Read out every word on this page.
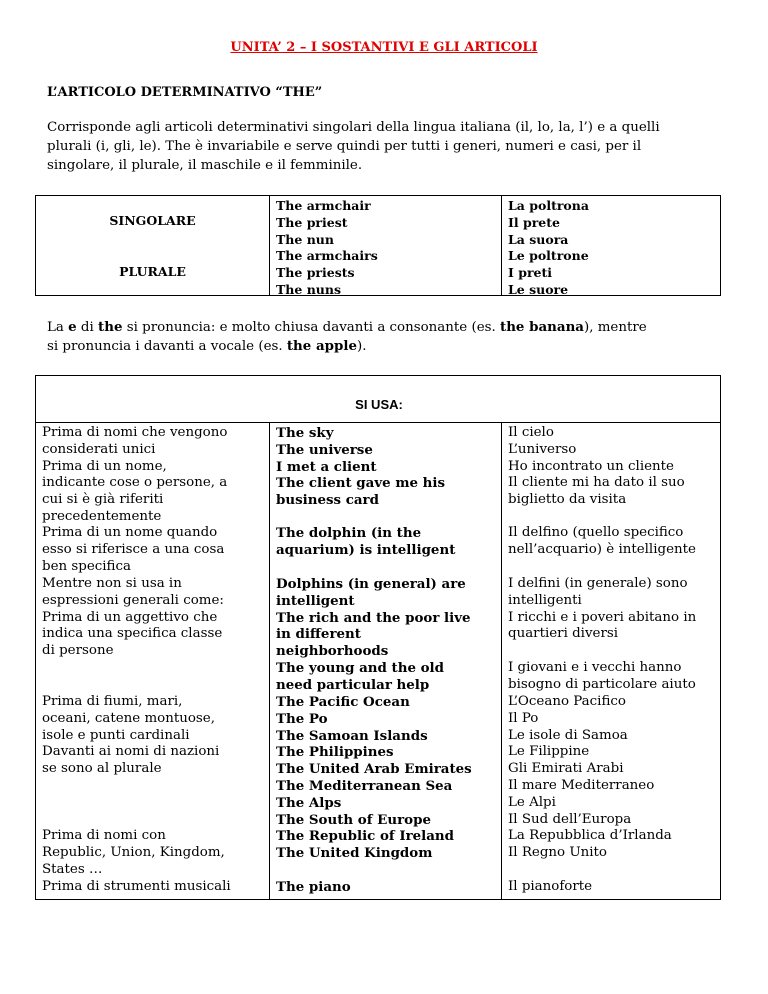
UNITA’ 2 – I SOSTANTIVI E GLI ARTICOLI
L’ARTICOLO DETERMINATIVO “THE”
Corrisponde agli articoli determinativi singolari della lingua italiana (il, lo, la, l’) e a quelli
plurali (i, gli, le). The è invariabile e serve quindi per tutti i generi, numeri e casi, per il
singolare, il plurale, il maschile e il femminile.
SINGOLARE
PLURALE
The armchair
The priest
The nun
The armchairs
The priests
The nuns
La poltrona
Il prete
La suora
Le poltrone
I preti
Le suore
La e di the si pronuncia: e molto chiusa davanti a consonante (es. the banana), mentre
si pronuncia i davanti a vocale (es. the apple).
SI USA:
Prima di nomi che vengono
considerati unici
Prima di un nome,
indicante cose o persone, a
cui si è già riferiti
precedentemente
Prima di un nome quando
esso si riferisce a una cosa
ben specifica
Mentre non si usa in
espressioni generali come:
Prima di un aggettivo che
indica una specifica classe
di persone
Prima di fiumi, mari,
oceani, catene montuose,
isole e punti cardinali
Davanti ai nomi di nazioni
se sono al plurale
Prima di nomi con
Republic, Union, Kingdom,
States …
Prima di strumenti musicali
The sky
The universe
I met a client
The client gave me his
business card
The dolphin (in the
aquarium) is intelligent
Dolphins (in general) are
intelligent
The rich and the poor live
in different
neighborhoods
The young and the old
need particular help
The Pacific Ocean
The Po
The Samoan Islands
The Philippines
The United Arab Emirates
The Mediterranean Sea
The Alps
The South of Europe
The Republic of Ireland
The United Kingdom
The piano
Il cielo
L’universo
Ho incontrato un cliente
Il cliente mi ha dato il suo
biglietto da visita
Il delfino (quello specifico
nell’acquario) è intelligente
I delfini (in generale) sono
intelligenti
I ricchi e i poveri abitano in
quartieri diversi
I giovani e i vecchi hanno
bisogno di particolare aiuto
L’Oceano Pacifico
Il Po
Le isole di Samoa
Le Filippine
Gli Emirati Arabi
Il mare Mediterraneo
Le Alpi
Il Sud dell’Europa
La Repubblica d’Irlanda
Il Regno Unito
Il pianoforte
